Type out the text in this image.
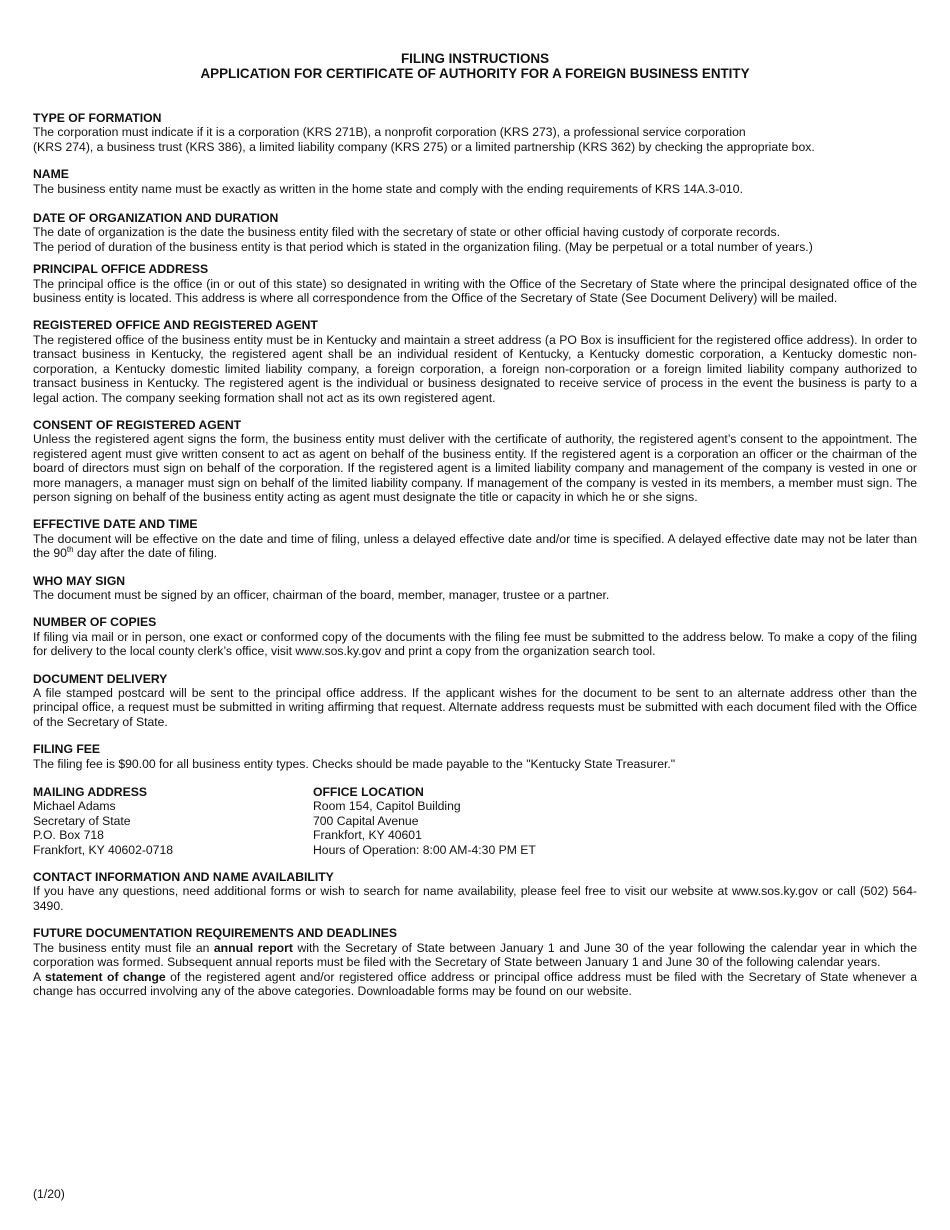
FILING INSTRUCTIONS
APPLICATION FOR CERTIFICATE OF AUTHORITY FOR A FOREIGN BUSINESS ENTITY
TYPE OF FORMATION

The corporation must indicate if it is a corporation (KRS 271B), a nonprofit corporation (KRS 273), a professional service corporation

(KRS 274), a business trust (KRS 386), a limited liability company (KRS 275) or a limited partnership (KRS 362) by checking the appropriate box.

NAME

The business entity name must be exactly as written in the home state and comply with the ending requirements of KRS 14A.3-010.

DATE OF ORGANIZATION AND DURATION

The date of organization is the date the business entity filed with the secretary of state or other official having custody of corporate records.

The period of duration of the business entity is that period which is stated in the organization filing. (May be perpetual or a total number of years.)

PRINCIPAL OFFICE ADDRESS

The principal office is the office (in or out of this state) so designated in writing with the Office of the Secretary of State where the principal designated office of the business entity is located. This address is where all correspondence from the Office of the Secretary of State (See Document Delivery) will be mailed.

REGISTERED OFFICE AND REGISTERED AGENT

The registered office of the business entity must be in Kentucky and maintain a street address (a PO Box is insufficient for the registered office address). In order to transact business in Kentucky, the registered agent shall be an individual resident of Kentucky, a Kentucky domestic corporation, a Kentucky domestic non-corporation, a Kentucky domestic limited liability company, a foreign corporation, a foreign non-corporation or a foreign limited liability company authorized to transact business in Kentucky. The registered agent is the individual or business designated to receive service of process in the event the business is party to a legal action. The company seeking formation shall not act as its own registered agent.

CONSENT OF REGISTERED AGENT

Unless the registered agent signs the form, the business entity must deliver with the certificate of authority, the registered agent’s consent to the appointment. The registered agent must give written consent to act as agent on behalf of the business entity. If the registered agent is a corporation an officer or the chairman of the board of directors must sign on behalf of the corporation. If the registered agent is a limited liability company and management of the company is vested in one or more managers, a manager must sign on behalf of the limited liability company. If management of the company is vested in its members, a member must sign. The person signing on behalf of the business entity acting as agent must designate the title or capacity in which he or she signs.

EFFECTIVE DATE AND TIME

The document will be effective on the date and time of filing, unless a delayed effective date and/or time is specified. A delayed effective date may not be later than the 90th day after the date of filing.

WHO MAY SIGN

The document must be signed by an officer, chairman of the board, member, manager, trustee or a partner.

NUMBER OF COPIES

If filing via mail or in person, one exact or conformed copy of the documents with the filing fee must be submitted to the address below. To make a copy of the filing for delivery to the local county clerk’s office, visit www.sos.ky.gov and print a copy from the organization search tool.

DOCUMENT DELIVERY

A file stamped postcard will be sent to the principal office address. If the applicant wishes for the document to be sent to an alternate address other than the principal office, a request must be submitted in writing affirming that request. Alternate address requests must be submitted with each document filed with the Office of the Secretary of State.

FILING FEE

The filing fee is $90.00 for all business entity types. Checks should be made payable to the "Kentucky State Treasurer."

MAILING ADDRESS
Michael Adams
Secretary of State
P.O. Box 718
Frankfort, KY 40602-0718
OFFICE LOCATION
Room 154, Capitol Building
700 Capital Avenue
Frankfort, KY 40601
Hours of Operation: 8:00 AM-4:30 PM ET
CONTACT INFORMATION AND NAME AVAILABILITY

If you have any questions, need additional forms or wish to search for name availability, please feel free to visit our website at www.sos.ky.gov or call (502) 564-3490.

FUTURE DOCUMENTATION REQUIREMENTS AND DEADLINES

The business entity must file an annual report with the Secretary of State between January 1 and June 30 of the year following the calendar year in which the corporation was formed. Subsequent annual reports must be filed with the Secretary of State between January 1 and June 30 of the following calendar years.

A statement of change of the registered agent and/or registered office address or principal office address must be filed with the Secretary of State whenever a change has occurred involving any of the above categories. Downloadable forms may be found on our website.

(1/20)
